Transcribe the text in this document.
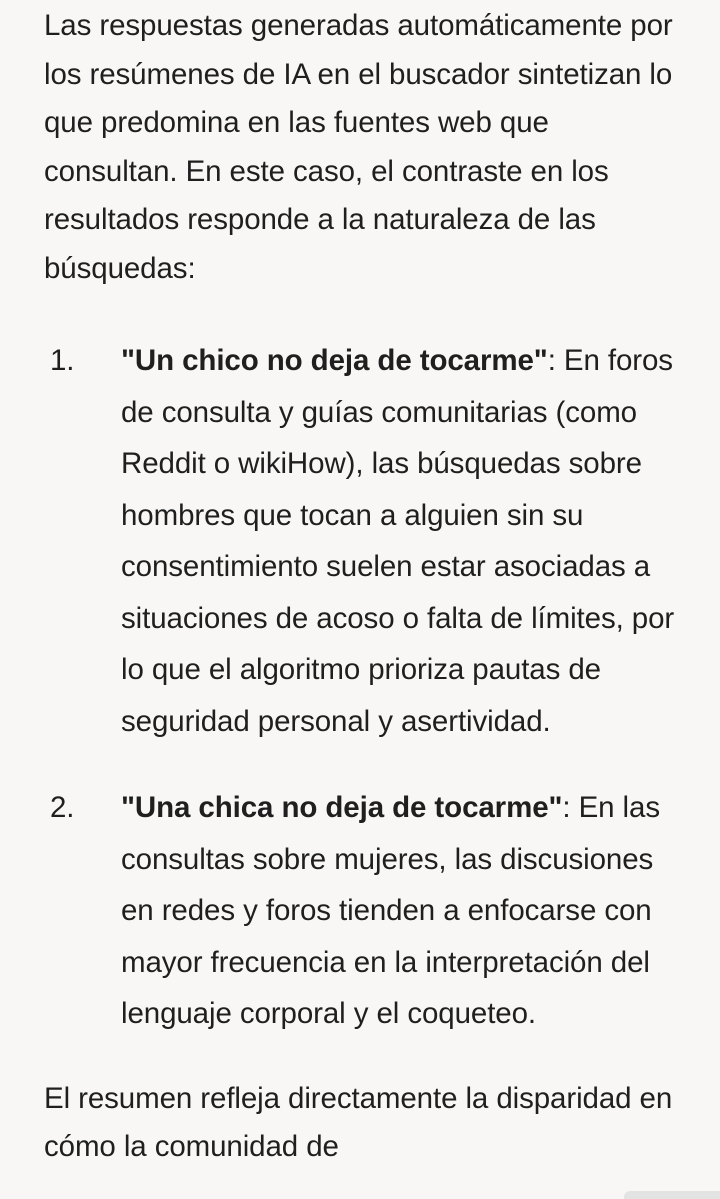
Las respuestas generadas automáticamente por los resúmenes de IA en el buscador sintetizan lo que predomina en las fuentes web que consultan. En este caso, el contraste en los resultados responde a la naturaleza de las búsquedas:

1. "Un chico no deja de tocarme": En foros de consulta y guías comunitarias (como Reddit o wikiHow), las búsquedas sobre hombres que tocan a alguien sin su consentimiento suelen estar asociadas a situaciones de acoso o falta de límites, por lo que el algoritmo prioriza pautas de seguridad personal y asertividad.
2. "Una chica no deja de tocarme": En las consultas sobre mujeres, las discusiones en redes y foros tienden a enfocarse con mayor frecuencia en la interpretación del lenguaje corporal y el coqueteo.

El resumen refleja directamente la disparidad en cómo la comunidad de
